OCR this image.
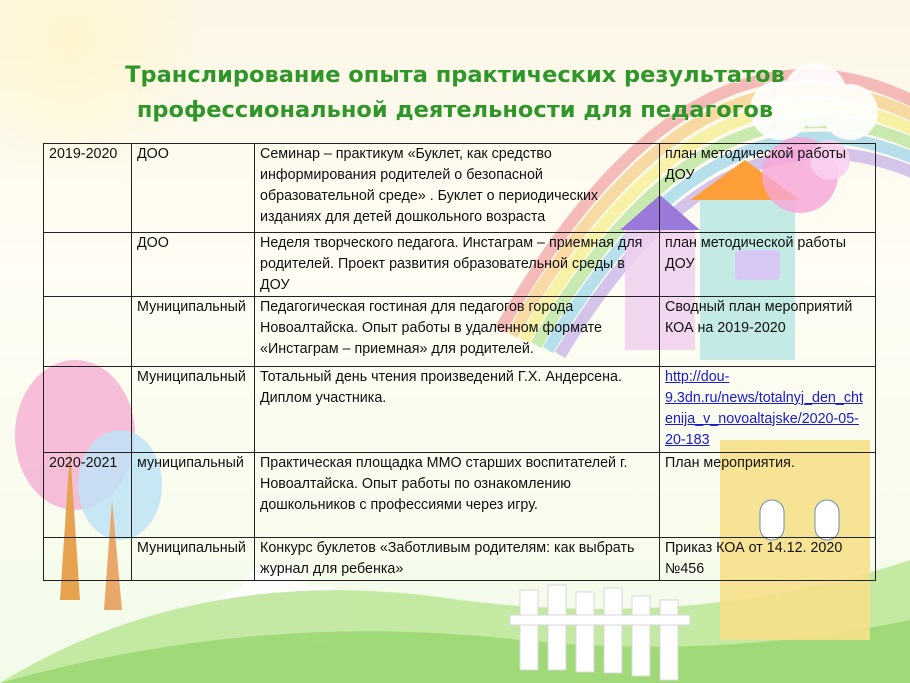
Транслирование опыта практических результатов профессиональной деятельности для педагогов
2019-2020	ДОО	Семинар – практикум «Буклет, как средство информирования родителей о безопасной образовательной среде» . Буклет о периодических изданиях для детей дошкольного возраста	план методической работы ДОУ
	ДОО	Неделя творческого педагога. Инстаграм – приемная для родителей. Проект развития образовательной среды в ДОУ	план методической работы ДОУ
	Муниципальный	Педагогическая гостиная для педагогов города Новоалтайска. Опыт работы в удаленном формате «Инстаграм – приемная» для родителей.	Сводный план мероприятий КОА на 2019-2020
	Муниципальный	Тотальный день чтения произведений Г.Х. Андерсена. Диплом участника.	http://dou-9.3dn.ru/news/totalnyj_den_chtenija_v_novoaltajske/2020-05-20-183
2020-2021	муниципальный	Практическая площадка ММО старших воспитателей г. Новоалтайска. Опыт работы по ознакомлению дошкольников с профессиями через игру.	План мероприятия.
	Муниципальный	Конкурс буклетов «Заботливым родителям: как выбрать журнал для ребенка»	Приказ КОА от 14.12. 2020 №456
